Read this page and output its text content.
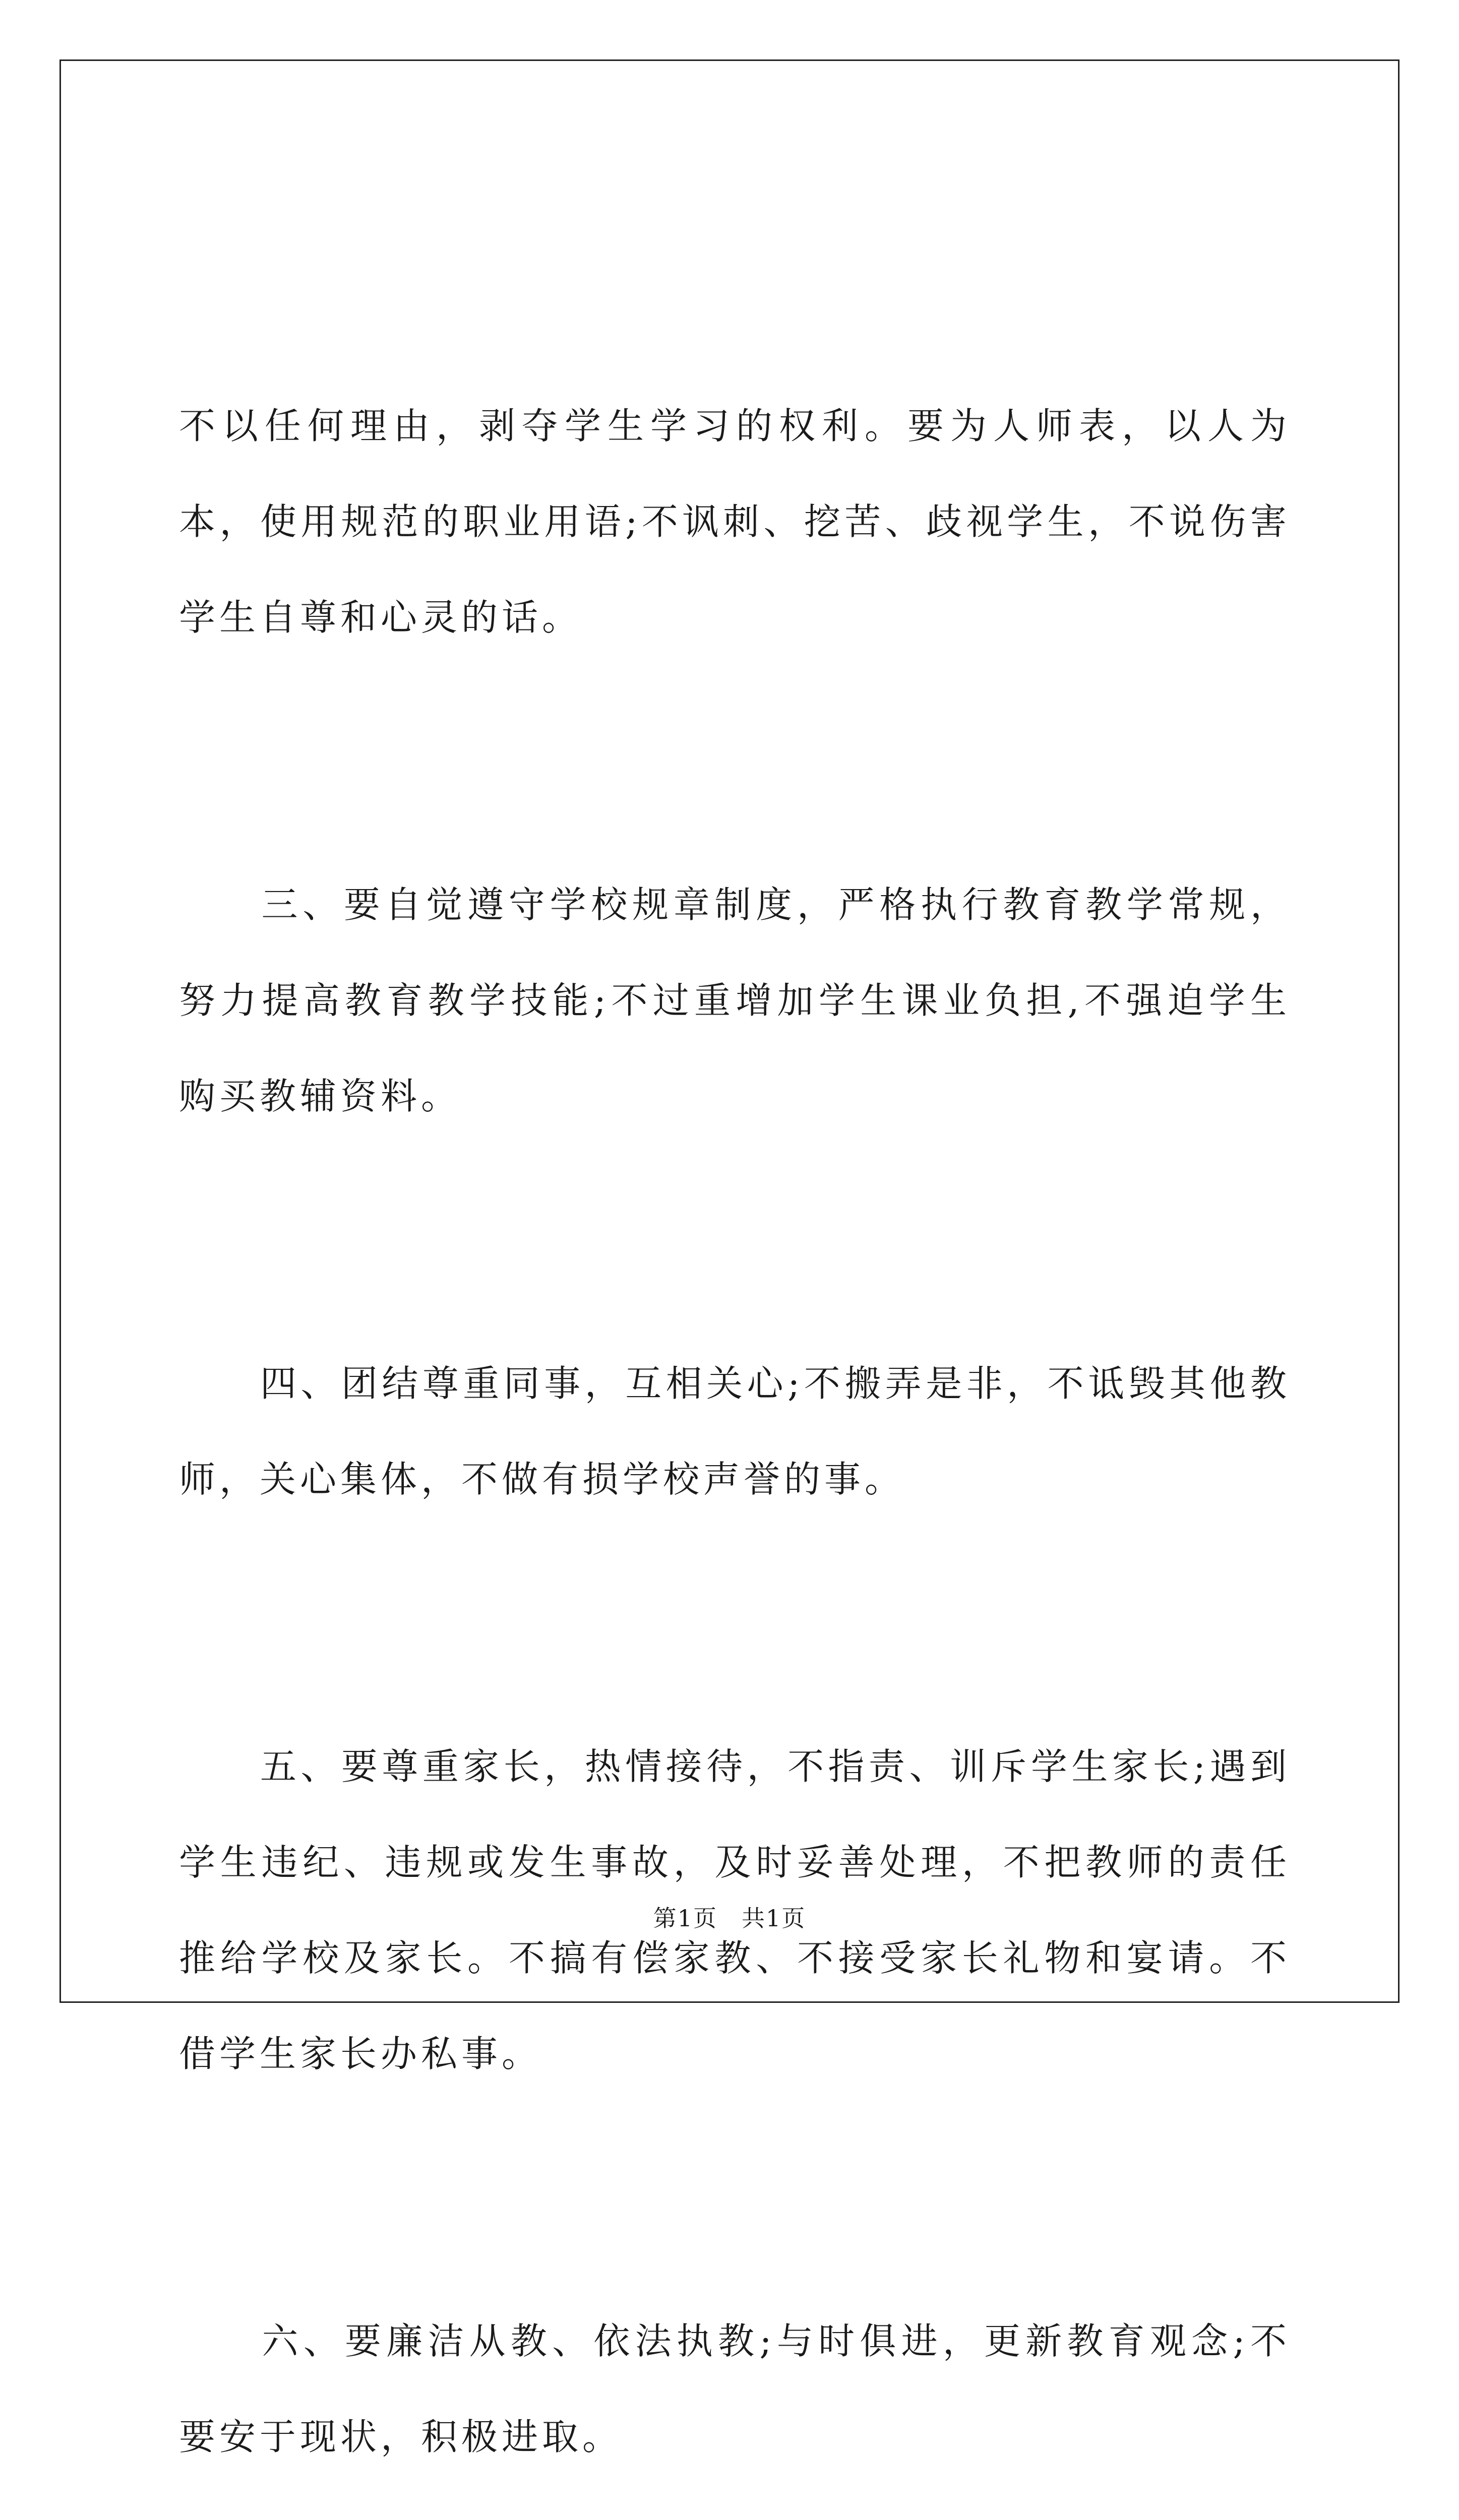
不以任何理由，剥夺学生学习的权利。要为人师表，以人为本，使用规范的职业用语;不讽刺、挖苦、歧视学生，不说伤害学生自尊和心灵的话。

　　三、要自觉遵守学校规章制度，严格执行教育教学常规，努力提高教育教学技能;不过重增加学生课业负担,不强迫学生购买教辅资料。

　　四、团结尊重同事，互相关心;不搬弄是非，不诋毁其他教师，关心集体，不做有损学校声誉的事。

　　五、要尊重家长，热情接待，不指责、训斥学生家长;遇到学生违纪、违规或发生事故，及时妥善处理，不把教师的责任推给学校及家长。不搞有偿家教、不接受家长礼物和宴请。不借学生家长办私事。

　　六、要廉洁从教、依法执教;与时俱进，更新教育观念;不要安于现状，积极进取。

第1页　共1页
